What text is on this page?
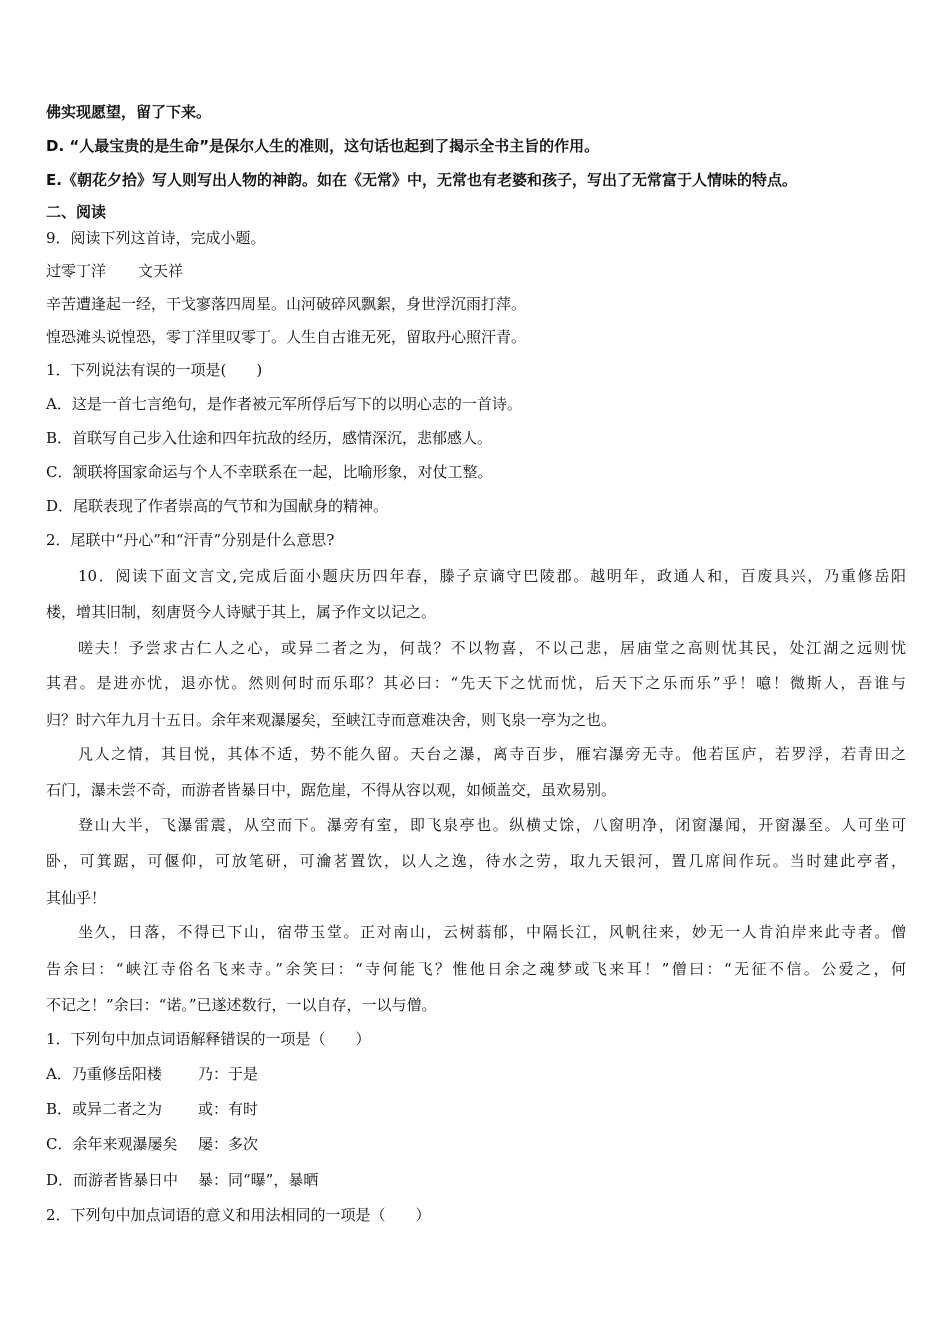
佛实现愿望，留了下来。
D. “人最宝贵的是生命”是保尔人生的准则，这句话也起到了揭示全书主旨的作用。
E.《朝花夕拾》写人则写出人物的神韵。如在《无常》中，无常也有老婆和孩子，写出了无常富于人情味的特点。
二、阅读
9．阅读下列这首诗，完成小题。
过零丁洋 文天祥
辛苦遭逢起一经，干戈寥落四周星。山河破碎风飘絮，身世浮沉雨打萍。
惶恐滩头说惶恐，零丁洋里叹零丁。人生自古谁无死，留取丹心照汗青。
1．下列说法有误的一项是(　　)
A．这是一首七言绝句，是作者被元军所俘后写下的以明心志的一首诗。
B．首联写自己步入仕途和四年抗敌的经历，感情深沉，悲郁感人。
C．颔联将国家命运与个人不幸联系在一起，比喻形象，对仗工整。
D．尾联表现了作者崇高的气节和为国献身的精神。
2．尾联中“丹心”和“汗青”分别是什么意思?
10．阅读下面文言文,完成后面小题庆历四年春，滕子京谪守巴陵郡。越明年，政通人和，百废具兴，乃重修岳阳
楼，增其旧制，刻唐贤今人诗赋于其上，属予作文以记之。
嗟夫！予尝求古仁人之心，或异二者之为，何哉？不以物喜，不以己悲，居庙堂之高则忧其民，处江湖之远则忧
其君。是进亦忧，退亦忧。然则何时而乐耶？其必曰：“先天下之忧而忧，后天下之乐而乐”乎！噫！微斯人，吾谁与
归？时六年九月十五日。余年来观瀑屡矣，至峡江寺而意难决舍，则飞泉一亭为之也。
凡人之情，其目悦，其体不适，势不能久留。天台之瀑，离寺百步，雁宕瀑旁无寺。他若匡庐，若罗浮，若青田之
石门，瀑未尝不奇，而游者皆暴日中，踞危崖，不得从容以观，如倾盖交，虽欢易别。
登山大半，飞瀑雷震，从空而下。瀑旁有室，即飞泉亭也。纵横丈馀，八窗明净，闭窗瀑闻，开窗瀑至。人可坐可
卧，可箕踞，可偃仰，可放笔研，可瀹茗置饮，以人之逸，待水之劳，取九天银河，置几席间作玩。当时建此亭者，
其仙乎！
坐久，日落，不得已下山，宿带玉堂。正对南山，云树蓊郁，中隔长江，风帆往来，妙无一人肯泊岸来此寺者。僧
告余曰：“峡江寺俗名飞来寺。”余笑曰：“寺何能飞？惟他日余之魂梦或飞来耳！”僧曰：“无征不信。公爱之，何
不记之！”余曰：“诺。”已遂述数行，一以自存，一以与僧。
1．下列句中加点词语解释错误的一项是（　　）
A．乃重修岳阳楼 乃：于是
B．或异二者之为 或：有时
C．余年来观瀑屡矣 屡：多次
D．而游者皆暴日中 暴：同“曝”，暴晒
2．下列句中加点词语的意义和用法相同的一项是（　　）
